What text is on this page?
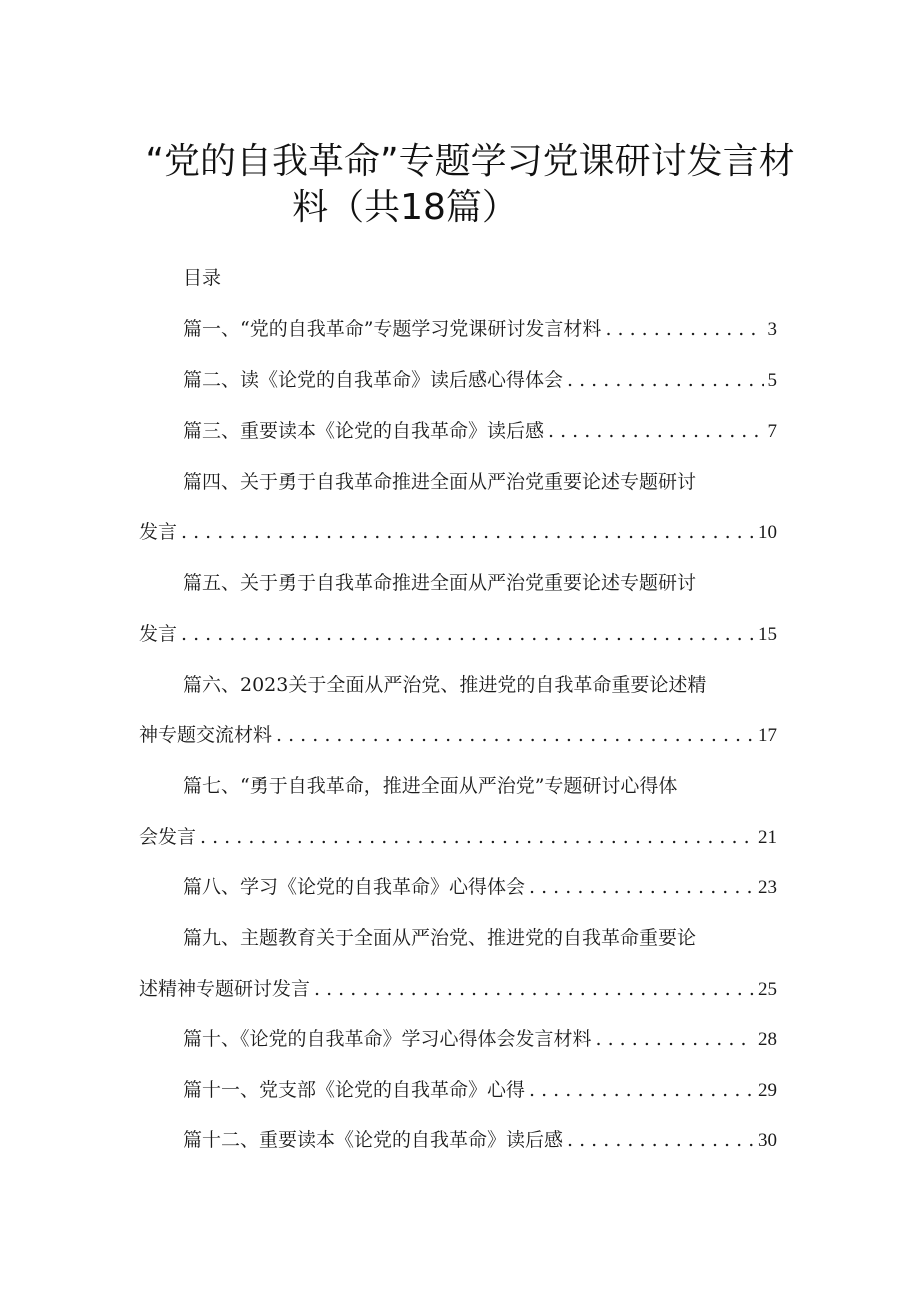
“党的自我革命”专题学习党课研讨发言材
料（共18篇）
目录
篇一、“党的自我革命”专题学习党课研讨发言材料 . . .	3
篇二、读《论党的自我革命》读后感心得体会 . . .	5
篇三、重要读本《论党的自我革命》读后感 . . .	7
篇四、关于勇于自我革命推进全面从严治党重要论述专题研讨
发言 . . .	10
篇五、关于勇于自我革命推进全面从严治党重要论述专题研讨
发言 . . .	15
篇六、2023关于全面从严治党、推进党的自我革命重要论述精
神专题交流材料 . . .	17
篇七、“勇于自我革命，推进全面从严治党”专题研讨心得体
会发言 . . .	21
篇八、学习《论党的自我革命》心得体会 . . .	23
篇九、主题教育关于全面从严治党、推进党的自我革命重要论
述精神专题研讨发言 . . .	25
篇十、《论党的自我革命》学习心得体会发言材料 . . .	28
篇十一、党支部《论党的自我革命》心得 . . .	29
篇十二、重要读本《论党的自我革命》读后感 . . .	30
